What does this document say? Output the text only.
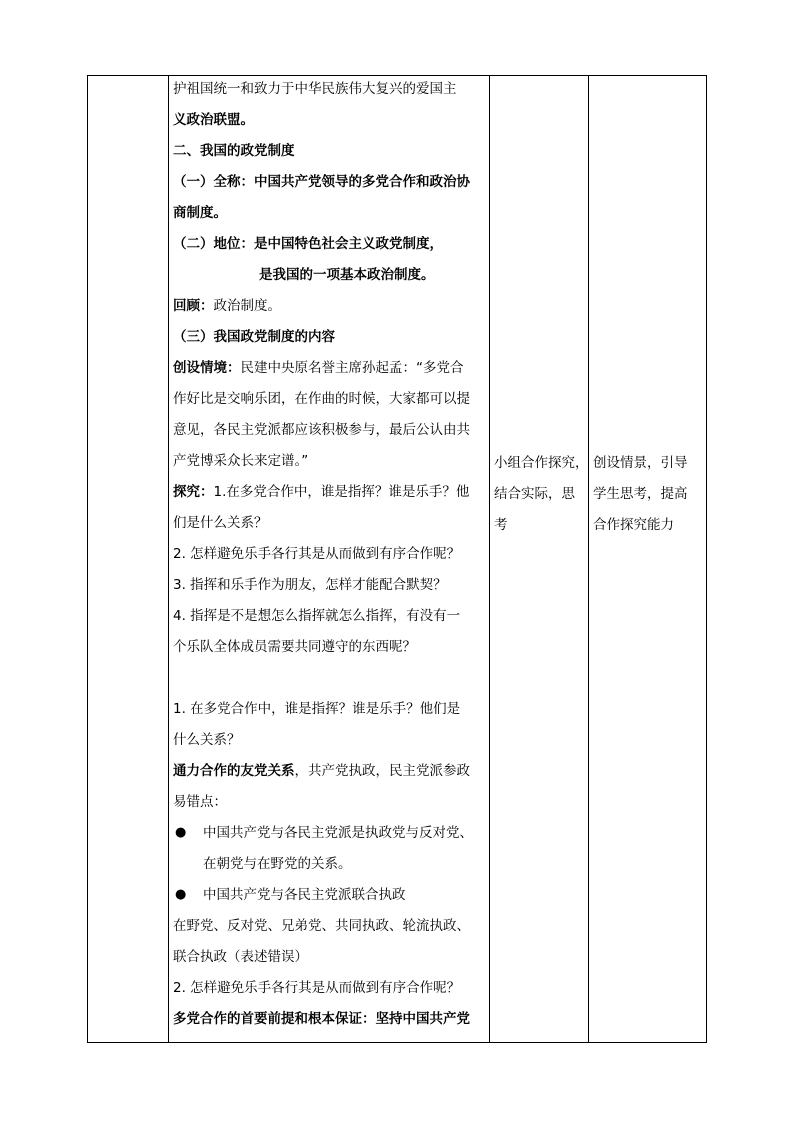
护祖国统一和致力于中华民族伟大复兴的爱国主
义政治联盟。
二、我国的政党制度
（一）全称：中国共产党领导的多党合作和政治协
商制度。
（二）地位：是中国特色社会主义政党制度，
是我国的一项基本政治制度。
回顾：政治制度。
（三）我国政党制度的内容
创设情境：民建中央原名誉主席孙起孟：“多党合
作好比是交响乐团，在作曲的时候，大家都可以提
意见，各民主党派都应该积极参与，最后公认由共
产党博采众长来定谱。”
探究：1.在多党合作中，谁是指挥？谁是乐手？他
们是什么关系？
2. 怎样避免乐手各行其是从而做到有序合作呢？
3. 指挥和乐手作为朋友，怎样才能配合默契？
4. 指挥是不是想怎么指挥就怎么指挥，有没有一
个乐队全体成员需要共同遵守的东西呢？
1. 在多党合作中，谁是指挥？谁是乐手？他们是
什么关系？
通力合作的友党关系，共产党执政，民主党派参政
易错点：
● 中国共产党与各民主党派是执政党与反对党、
在朝党与在野党的关系。
● 中国共产党与各民主党派联合执政
在野党、反对党、兄弟党、共同执政、轮流执政、
联合执政（表述错误）
2. 怎样避免乐手各行其是从而做到有序合作呢？
多党合作的首要前提和根本保证：坚持中国共产党
小组合作探究，
结合实际，思
考
创设情景，引导
学生思考，提高
合作探究能力
